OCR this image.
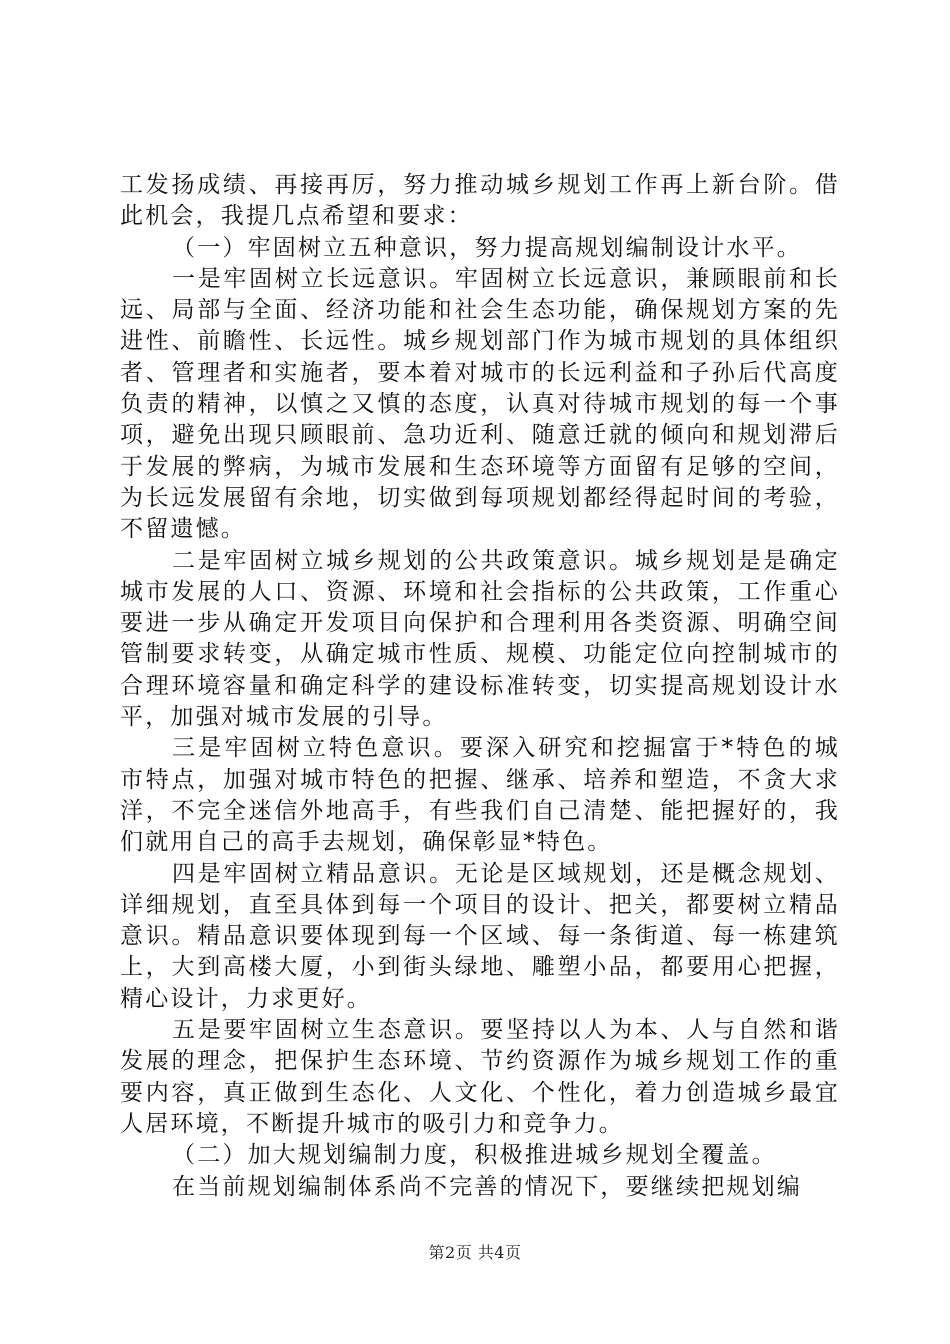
工发扬成绩、再接再厉，努力推动城乡规划工作再上新台阶。借此机会，我提几点希望和要求：

（一）牢固树立五种意识，努力提高规划编制设计水平。

一是牢固树立长远意识。牢固树立长远意识，兼顾眼前和长远、局部与全面、经济功能和社会生态功能，确保规划方案的先进性、前瞻性、长远性。城乡规划部门作为城市规划的具体组织者、管理者和实施者，要本着对城市的长远利益和子孙后代高度负责的精神，以慎之又慎的态度，认真对待城市规划的每一个事项，避免出现只顾眼前、急功近利、随意迁就的倾向和规划滞后于发展的弊病，为城市发展和生态环境等方面留有足够的空间，为长远发展留有余地，切实做到每项规划都经得起时间的考验，不留遗憾。

二是牢固树立城乡规划的公共政策意识。城乡规划是是确定城市发展的人口、资源、环境和社会指标的公共政策，工作重心要进一步从确定开发项目向保护和合理利用各类资源、明确空间管制要求转变，从确定城市性质、规模、功能定位向控制城市的合理环境容量和确定科学的建设标准转变，切实提高规划设计水平，加强对城市发展的引导。

三是牢固树立特色意识。要深入研究和挖掘富于*特色的城市特点，加强对城市特色的把握、继承、培养和塑造，不贪大求洋，不完全迷信外地高手，有些我们自己清楚、能把握好的，我们就用自己的高手去规划，确保彰显*特色。

四是牢固树立精品意识。无论是区域规划，还是概念规划、详细规划，直至具体到每一个项目的设计、把关，都要树立精品意识。精品意识要体现到每一个区域、每一条街道、每一栋建筑上，大到高楼大厦，小到街头绿地、雕塑小品，都要用心把握，精心设计，力求更好。

五是要牢固树立生态意识。要坚持以人为本、人与自然和谐发展的理念，把保护生态环境、节约资源作为城乡规划工作的重要内容，真正做到生态化、人文化、个性化，着力创造城乡最宜人居环境，不断提升城市的吸引力和竞争力。

（二）加大规划编制力度，积极推进城乡规划全覆盖。

在当前规划编制体系尚不完善的情况下，要继续把规划编

第2页 共4页
